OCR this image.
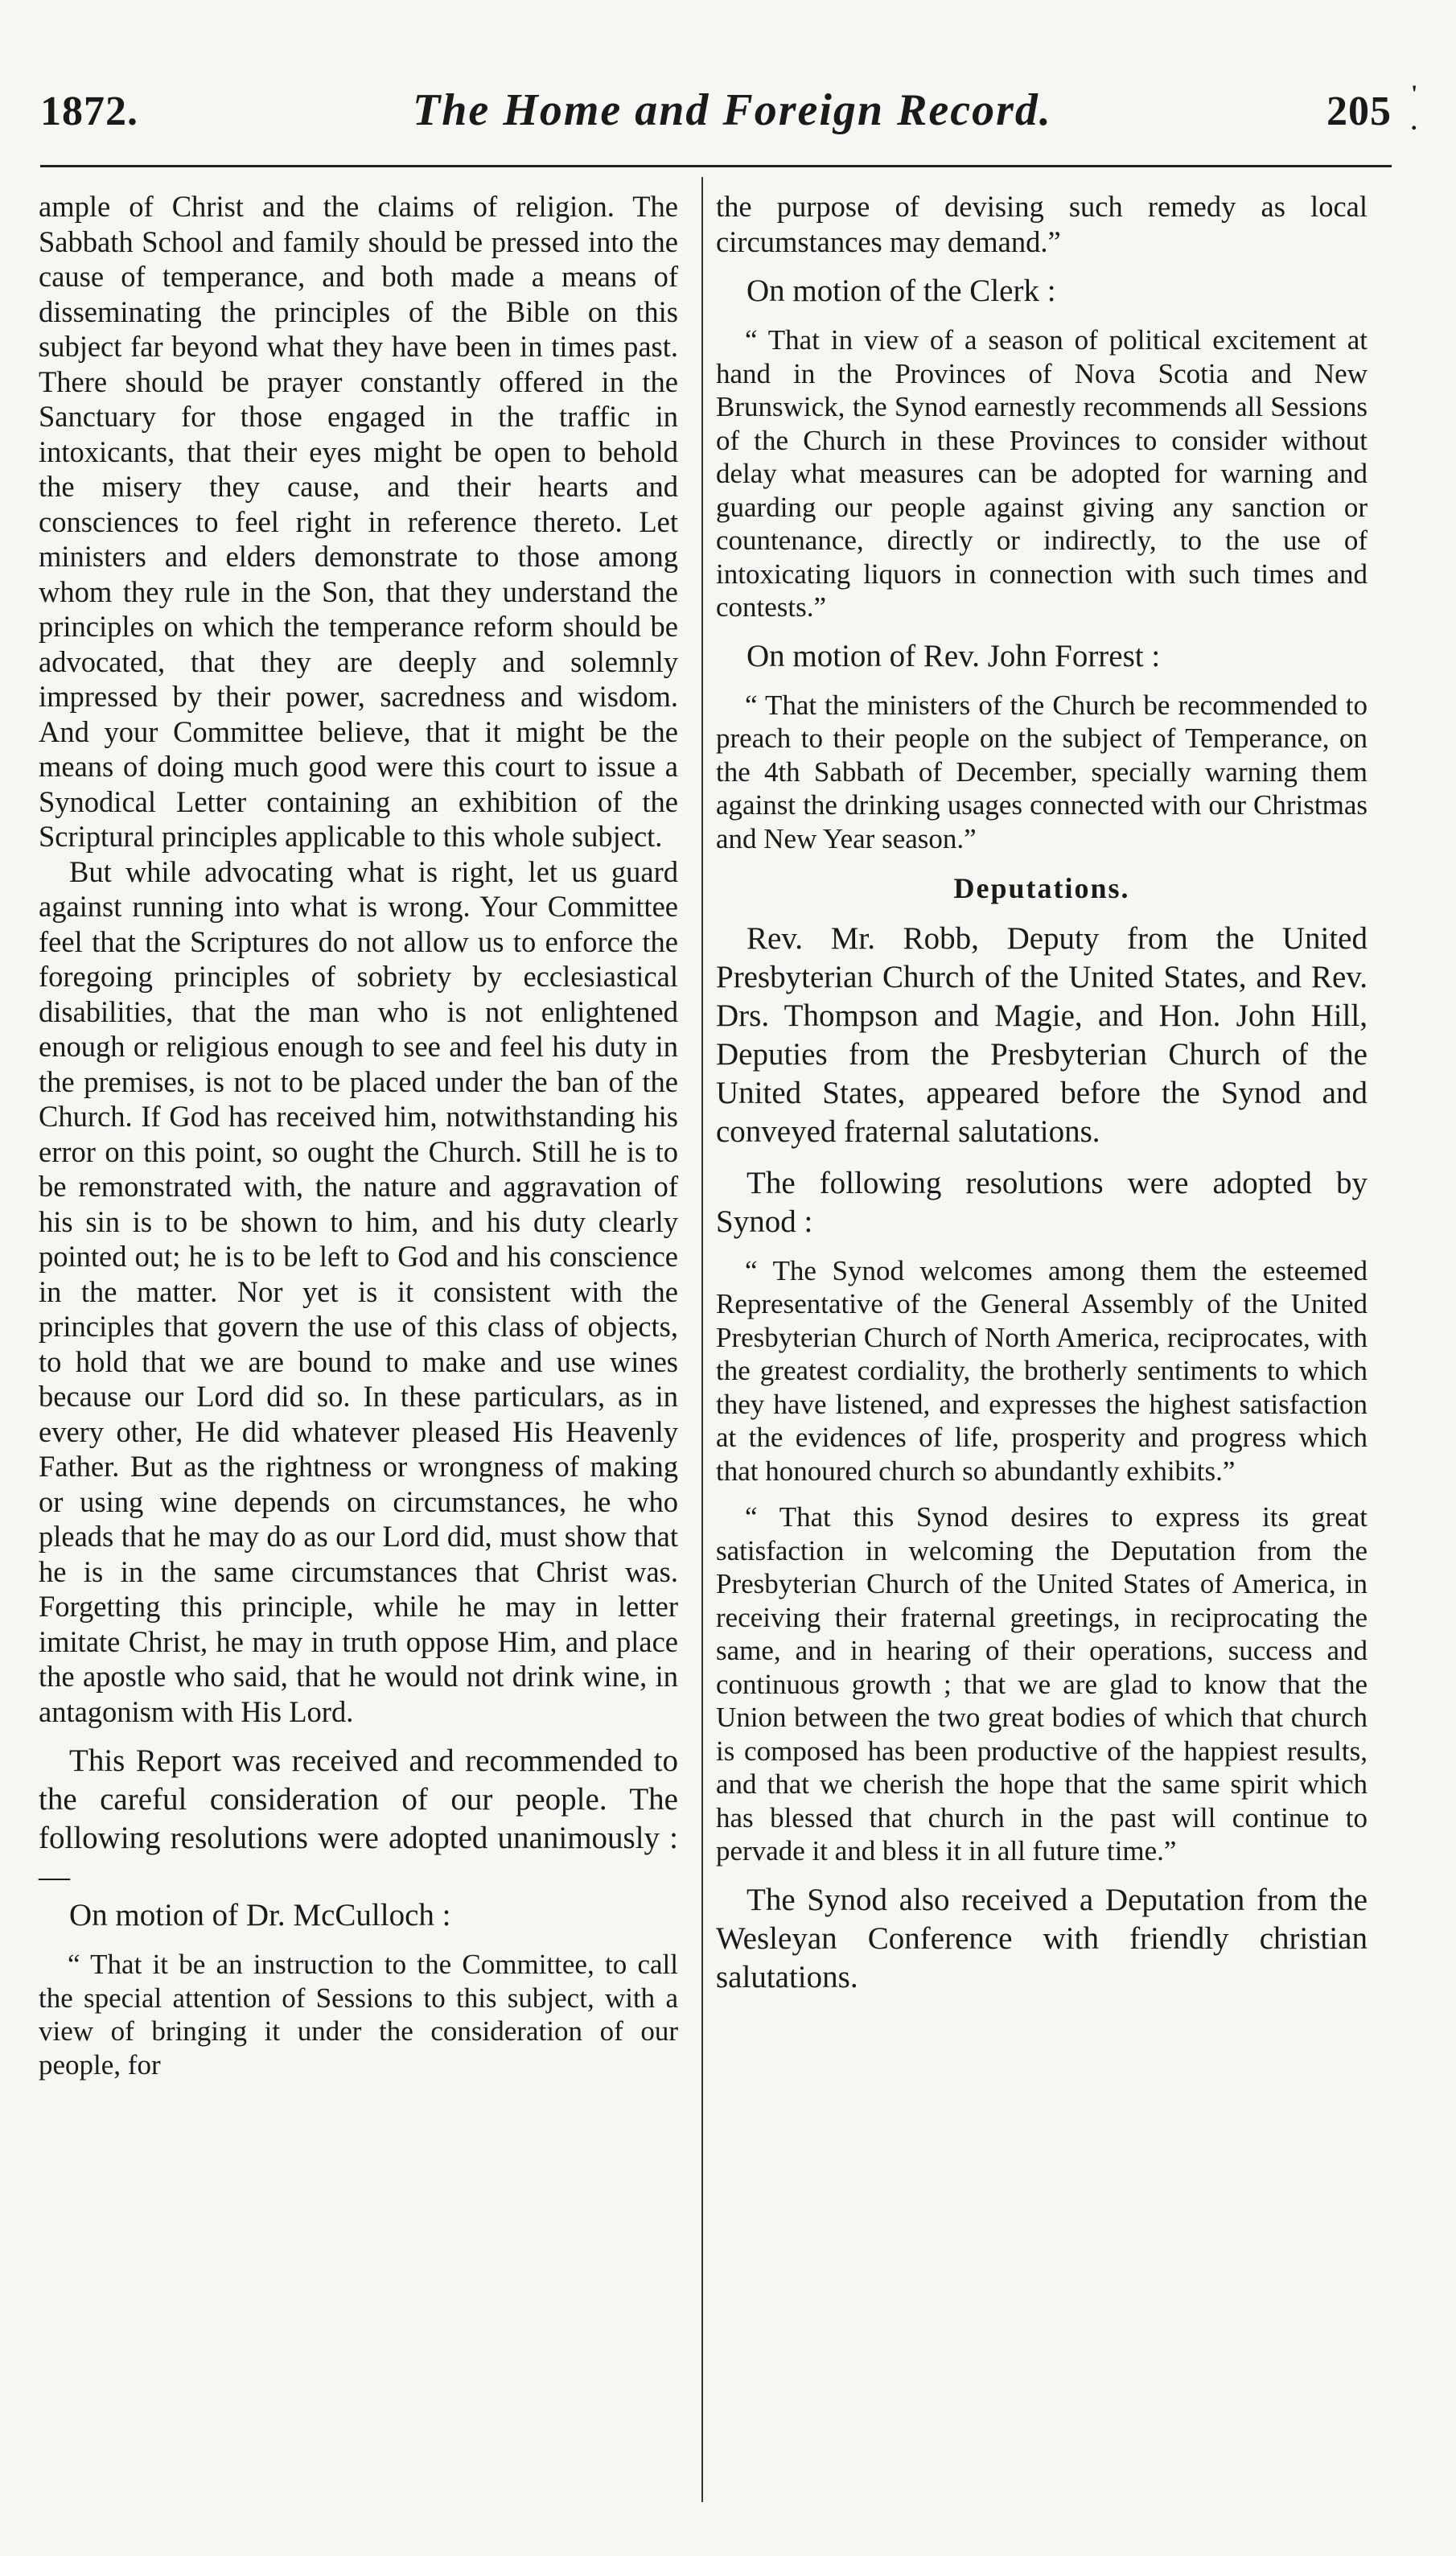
1872.	The Home and Foreign Record.	205 '
.

ample of Christ and the claims of religion. The Sabbath School and family should be pressed into the cause of temperance, and both made a means of disseminating the principles of the Bible on this subject far beyond what they have been in times past. There should be prayer constantly offered in the Sanctuary for those engaged in the traffic in intoxicants, that their eyes might be open to behold the misery they cause, and their hearts and consciences to feel right in reference thereto. Let ministers and elders demonstrate to those among whom they rule in the Son, that they understand the principles on which the temperance reform should be advocated, that they are deeply and solemnly impressed by their power, sacredness and wisdom. And your Committee believe, that it might be the means of doing much good were this court to issue a Synodical Letter containing an exhibition of the Scriptural principles applicable to this whole subject.

But while advocating what is right, let us guard against running into what is wrong. Your Committee feel that the Scriptures do not allow us to enforce the foregoing principles of sobriety by ecclesiastical disabilities, that the man who is not enlightened enough or religious enough to see and feel his duty in the premises, is not to be placed under the ban of the Church. If God has received him, notwithstanding his error on this point, so ought the Church. Still he is to be remonstrated with, the nature and aggravation of his sin is to be shown to him, and his duty clearly pointed out; he is to be left to God and his conscience in the matter. Nor yet is it consistent with the principles that govern the use of this class of objects, to hold that we are bound to make and use wines because our Lord did so. In these particulars, as in every other, He did whatever pleased His Heavenly Father. But as the rightness or wrongness of making or using wine depends on circumstances, he who pleads that he may do as our Lord did, must show that he is in the same circumstances that Christ was. Forgetting this principle, while he may in letter imitate Christ, he may in truth oppose Him, and place the apostle who said, that he would not drink wine, in antagonism with His Lord.

This Report was received and recommended to the careful consideration of our people. The following resolutions were adopted unanimously :—

On motion of Dr. McCulloch :

“ That it be an instruction to the Committee, to call the special attention of Sessions to this subject, with a view of bringing it under the consideration of our people, for

the purpose of devising such remedy as local circumstances may demand.”

On motion of the Clerk :

“ That in view of a season of political excitement at hand in the Provinces of Nova Scotia and New Brunswick, the Synod earnestly recommends all Sessions of the Church in these Provinces to consider without delay what measures can be adopted for warning and guarding our people against giving any sanction or countenance, directly or indirectly, to the use of intoxicating liquors in connection with such times and contests.”

On motion of Rev. John Forrest :

“ That the ministers of the Church be recommended to preach to their people on the subject of Temperance, on the 4th Sabbath of December, specially warning them against the drinking usages connected with our Christmas and New Year season.”

Deputations.

Rev. Mr. Robb, Deputy from the United Presbyterian Church of the United States, and Rev. Drs. Thompson and Magie, and Hon. John Hill, Deputies from the Presbyterian Church of the United States, appeared before the Synod and conveyed fraternal salutations.

The following resolutions were adopted by Synod :

“ The Synod welcomes among them the esteemed Representative of the General Assembly of the United Presbyterian Church of North America, reciprocates, with the greatest cordiality, the brotherly sentiments to which they have listened, and expresses the highest satisfaction at the evidences of life, prosperity and progress which that honoured church so abundantly exhibits.”

“ That this Synod desires to express its great satisfaction in welcoming the Deputation from the Presbyterian Church of the United States of America, in receiving their fraternal greetings, in reciprocating the same, and in hearing of their operations, success and continuous growth ; that we are glad to know that the Union between the two great bodies of which that church is composed has been productive of the happiest results, and that we cherish the hope that the same spirit which has blessed that church in the past will continue to pervade it and bless it in all future time.”

The Synod also received a Deputation from the Wesleyan Conference with friendly christian salutations.
